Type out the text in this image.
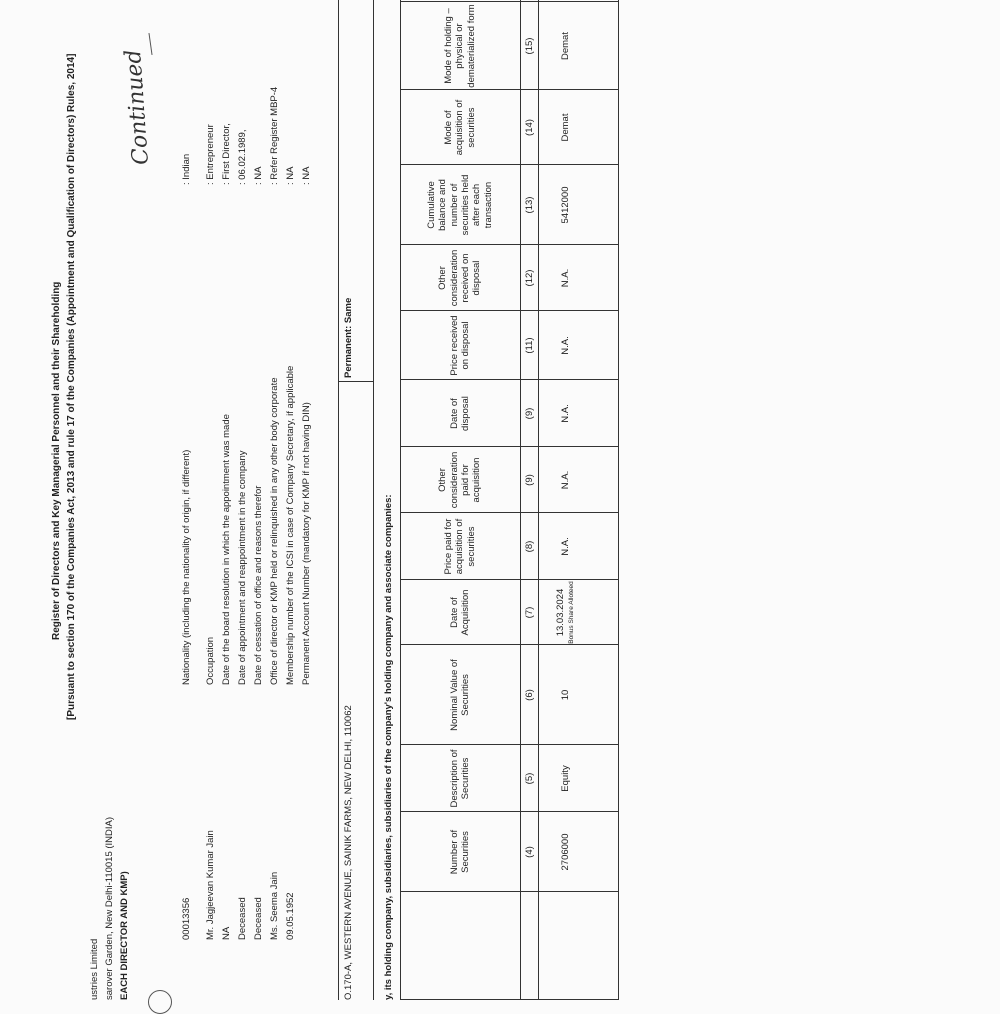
Register of Directors and Key Managerial Personnel and their Shareholding [Pursuant to section 170 of the Companies Act, 2013 and rule 17 of the Companies (Appointment and Qualification of Directors) Rules, 2014]
ustries Limited sarover Garden, New Delhi-110015 (INDIA) EACH DIRECTOR AND KMP)	00013356 Mr. Jagjeevan Kumar Jain NA Deceased Deceased Ms. Seema Jain 09.05.1952
Nationality (including the nationality of origin, if different)
: Indian
Occupation
: Entrepreneur
Date of the board resolution in which the appointment was made
: First Director,
Date of appointment and reappointment in the company
: 06.02.1989,
Date of cessation of office and reasons therefor
: NA
Office of director or KMP held or relinquished in any other body corporate
: Refer Register MBP-4
Membership number of the ICSI in case of Company Secretary, if applicable
: NA
Permanent Account Number (mandatory for KMP if not having DIN)
: NA
Continued
O.170-A, WESTERN AVENUE, SAINIK FARMS, NEW DELHI, 110062
Permanent: Same
y, its holding company, subsidiaries, subsidiaries of the company's holding company and associate companies:	Number of Securities
Description of Securities
Nominal Value of Securities
Date of Acquisition
Price paid for acquisition of securities
Other consideration paid for acquisition
Date of disposal
Price received on disposal
Other consideration received on disposal
Cumulative balance and number of securities held after each transaction
Mode of acquisition of securities
Mode of holding – physical or dematerialized form
(4)
(5)
(6)
(7)
(8)
(9)
(9)
(11)
(12)
(13)
(14)
(15)
2706000
Equity
10
13.03.2024 Bonus Share Alloteed
N.A.
N.A.
N.A.
N.A.
N.A.
5412000
Demat
Demat
